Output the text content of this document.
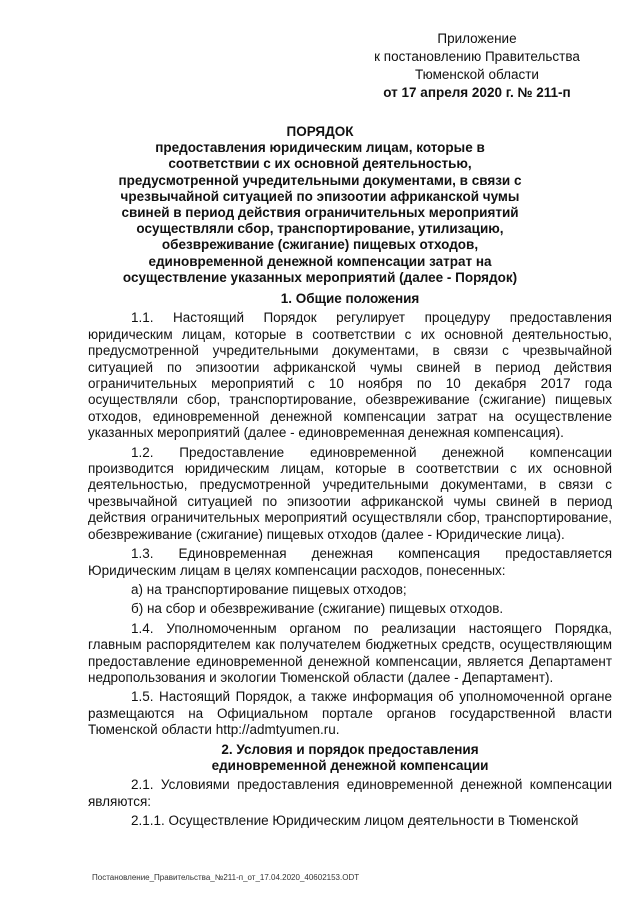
Приложение
к постановлению Правительства
Тюменской области
от 17 апреля 2020 г. № 211-п
ПОРЯДОК
предоставления юридическим лицам, которые в соответствии с их основной деятельностью, предусмотренной учредительными документами, в связи с чрезвычайной ситуацией по эпизоотии африканской чумы свиней в период действия ограничительных мероприятий осуществляли сбор, транспортирование, утилизацию, обезвреживание (сжигание) пищевых отходов, единовременной денежной компенсации затрат на осуществление указанных мероприятий (далее - Порядок)
1. Общие положения

1.1. Настоящий Порядок регулирует процедуру предоставления юридическим лицам, которые в соответствии с их основной деятельностью, предусмотренной учредительными документами, в связи с чрезвычайной ситуацией по эпизоотии африканской чумы свиней в период действия ограничительных мероприятий с 10 ноября по 10 декабря 2017 года осуществляли сбор, транспортирование, обезвреживание (сжигание) пищевых отходов, единовременной денежной компенсации затрат на осуществление указанных мероприятий (далее - единовременная денежная компенсация).

1.2. Предоставление единовременной денежной компенсации производится юридическим лицам, которые в соответствии с их основной деятельностью, предусмотренной учредительными документами, в связи с чрезвычайной ситуацией по эпизоотии африканской чумы свиней в период действия ограничительных мероприятий осуществляли сбор, транспортирование, обезвреживание (сжигание) пищевых отходов (далее - Юридические лица).

1.3. Единовременная денежная компенсация предоставляется Юридическим лицам в целях компенсации расходов, понесенных:

а) на транспортирование пищевых отходов;

б) на сбор и обезвреживание (сжигание) пищевых отходов.

1.4. Уполномоченным органом по реализации настоящего Порядка, главным распорядителем как получателем бюджетных средств, осуществляющим предоставление единовременной денежной компенсации, является Департамент недропользования и экологии Тюменской области (далее - Департамент).

1.5. Настоящий Порядок, а также информация об уполномоченной органе размещаются на Официальном портале органов государственной власти Тюменской области http://admtyumen.ru.

2. Условия и порядок предоставления
единовременной денежной компенсации

2.1. Условиями предоставления единовременной денежной компенсации являются:

2.1.1. Осуществление Юридическим лицом деятельности в Тюменской

Постановление_Правительства_№211-п_от_17.04.2020_40602153.ODT
